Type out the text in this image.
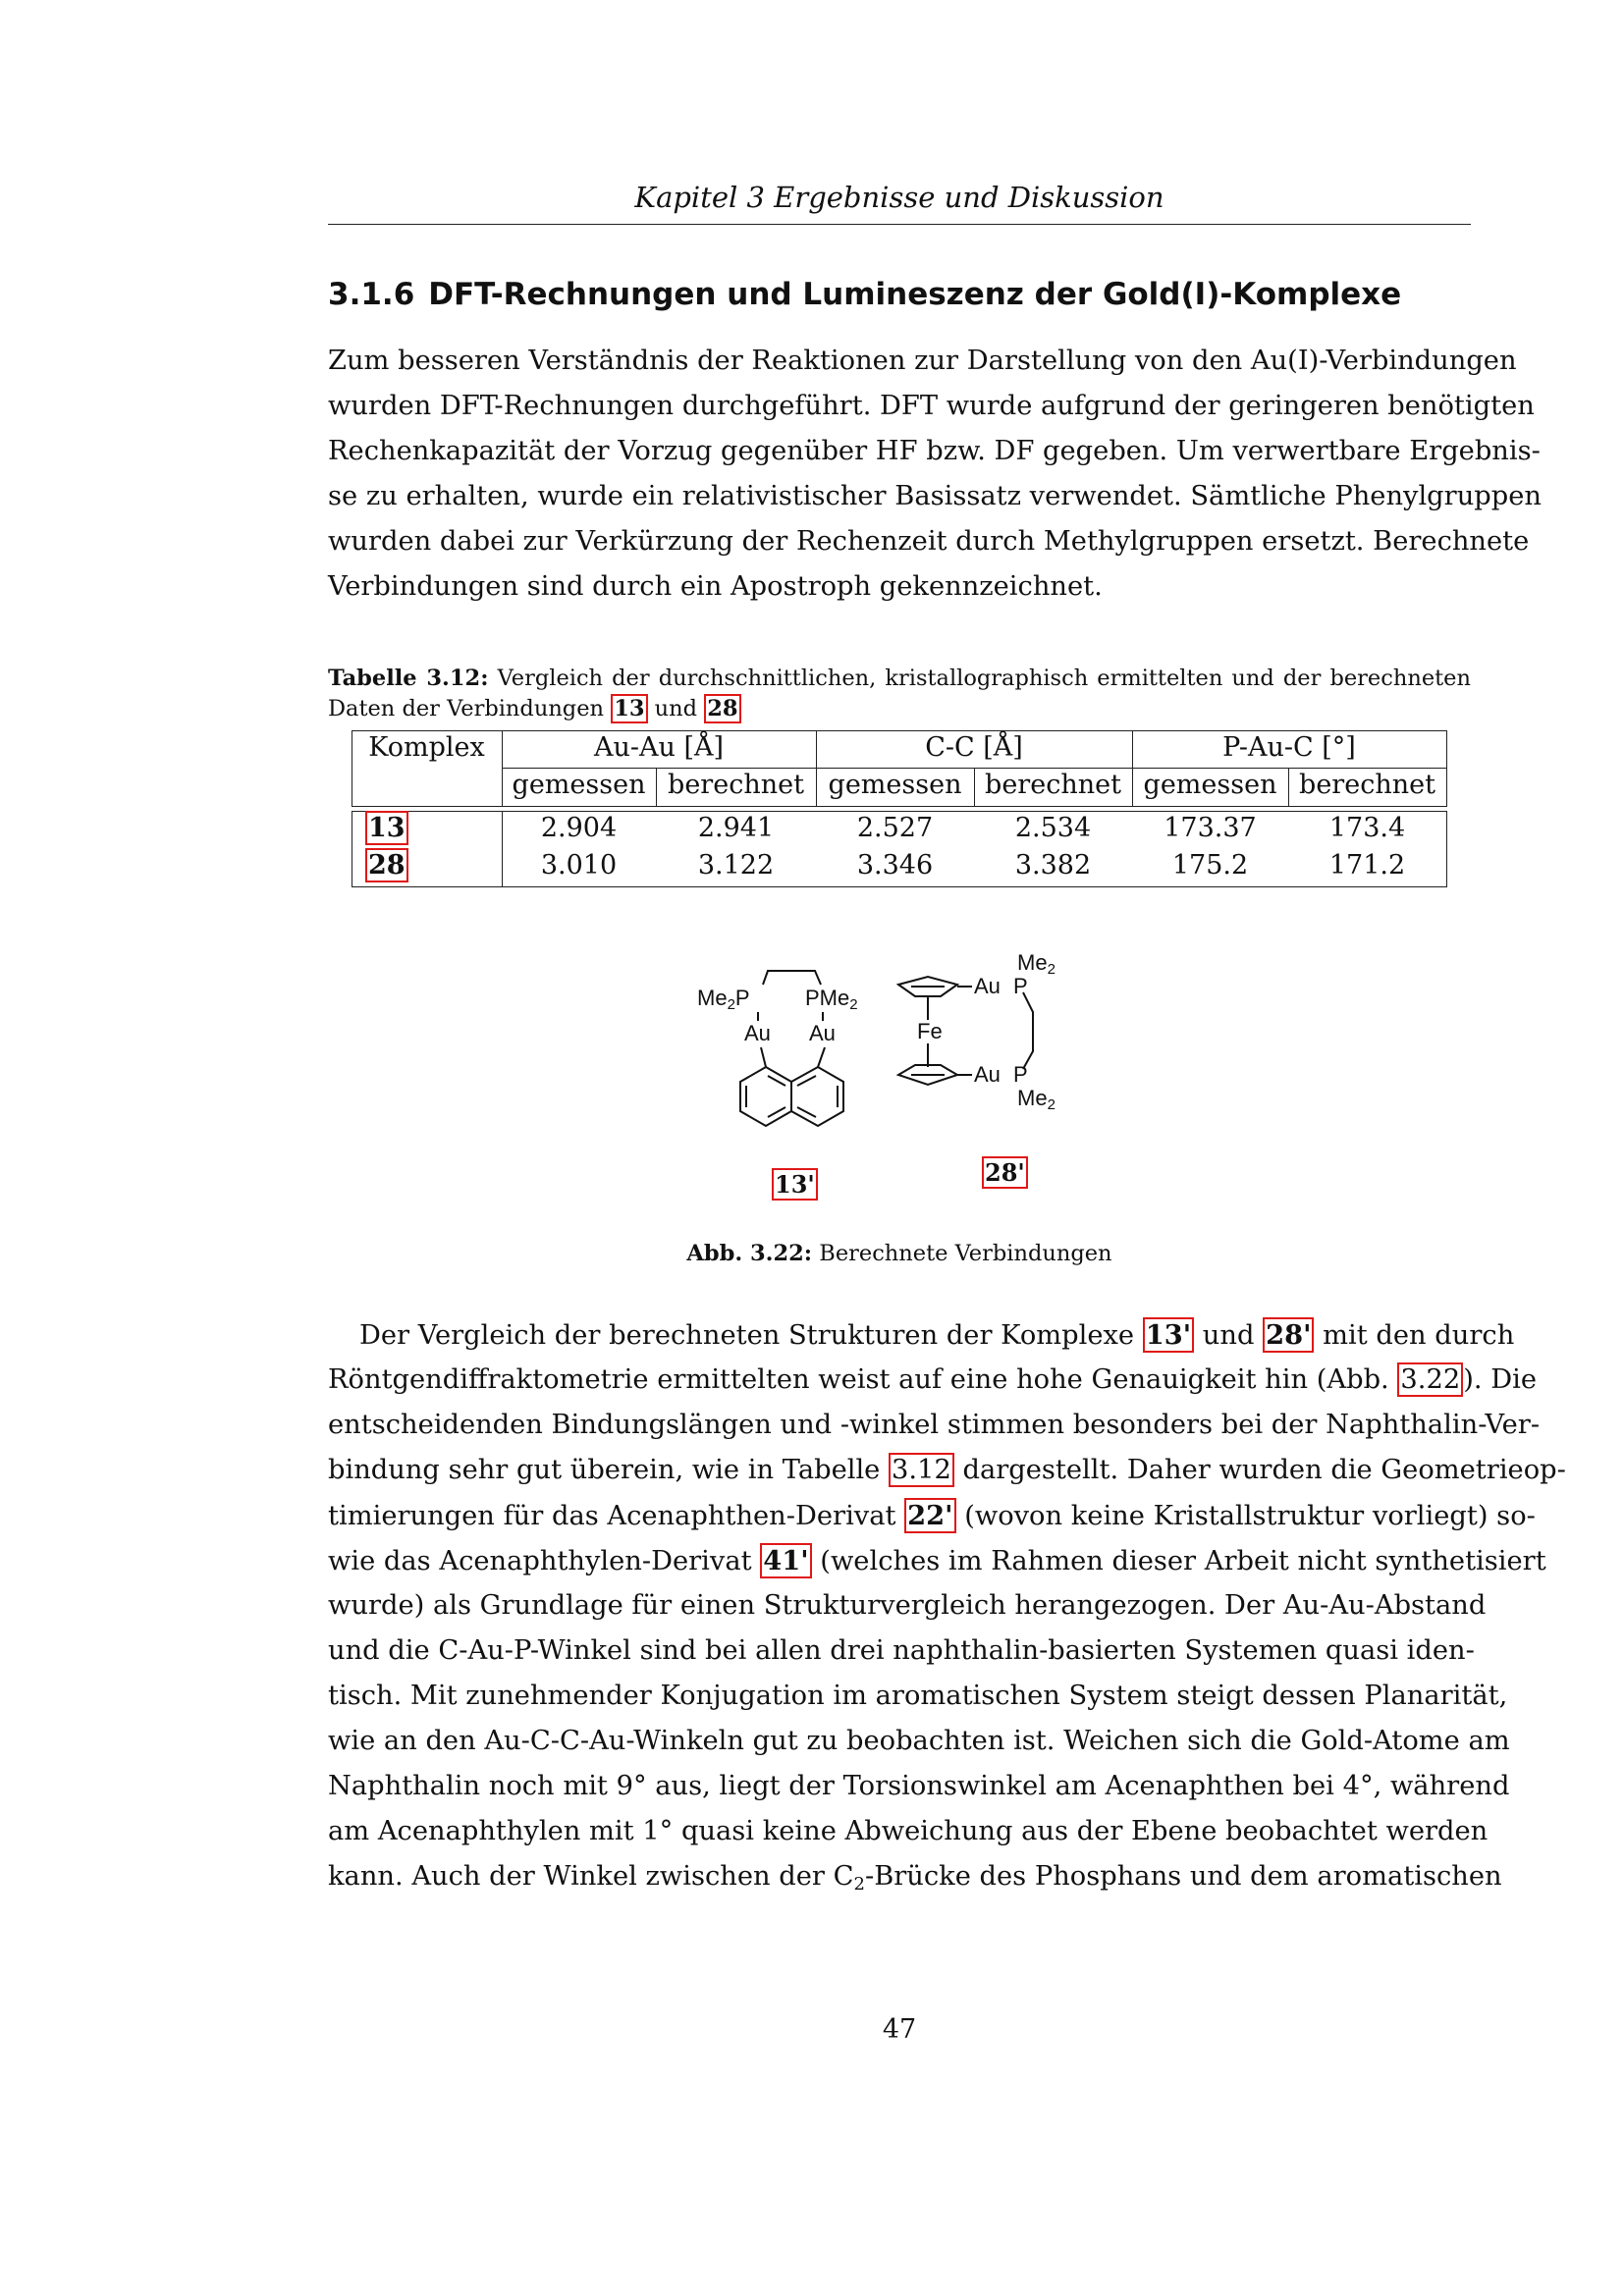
Kapitel 3 Ergebnisse und Diskussion
3.1.6 DFT-Rechnungen und Lumineszenz der Gold(I)-Komplexe
Zum besseren Verständnis der Reaktionen zur Darstellung von den Au(I)-Verbindungen
wurden DFT-Rechnungen durchgeführt. DFT wurde aufgrund der geringeren benötigten
Rechenkapazität der Vorzug gegenüber HF bzw. DF gegeben. Um verwertbare Ergebnis-
se zu erhalten, wurde ein relativistischer Basissatz verwendet. Sämtliche Phenylgruppen
wurden dabei zur Verkürzung der Rechenzeit durch Methylgruppen ersetzt. Berechnete
Verbindungen sind durch ein Apostroph gekennzeichnet.
Tabelle 3.12: Vergleich der durchschnittlichen, kristallographisch ermittelten und der berechneten
Daten der Verbindungen 13 und 28
Komplex	Au-Au [Å]	C-C [Å]	P-Au-C [°]
gemessen berechnet gemessen berechnet gemessen berechnet
13	2.904	2.941	2.527	2.534	173.37	173.4
28	3.010	3.122	3.346	3.382	175.2	171.2
$Me_2P$	PMe$_2$
Au Au	Fe
Au
Au
P
P
$Me_2$
$Me_2$
13'	28'
Abb. 3.22: Berechnete Verbindungen
Der Vergleich der berechneten Strukturen der Komplexe 13' und 28' mit den durch
Röntgendiffraktometrie ermittelten weist auf eine hohe Genauigkeit hin (Abb. 3.22 ). Die
entscheidenden Bindungslängen und -winkel stimmen besonders bei der Naphthalin-Ver-
bindung sehr gut überein, wie in Tabelle 3.12 dargestellt. Daher wurden die Geometrieop-
timierungen für das Acenaphthen-Derivat 22' (wovon keine Kristallstruktur vorliegt) so-
wie das Acenaphthylen-Derivat 41' (welches im Rahmen dieser Arbeit nicht synthetisiert
wurde) als Grundlage für einen Strukturvergleich herangezogen. Der Au-Au-Abstand
und die C-Au-P-Winkel sind bei allen drei naphthalin-basierten Systemen quasi iden-
tisch. Mit zunehmender Konjugation im aromatischen System steigt dessen Planarität,
wie an den Au-C-C-Au-Winkeln gut zu beobachten ist. Weichen sich die Gold-Atome am
Naphthalin noch mit 9° aus, liegt der Torsionswinkel am Acenaphthen bei 4°, während
am Acenaphthylen mit 1° quasi keine Abweichung aus der Ebene beobachtet werden
kann. Auch der Winkel zwischen der $C_2$-Brücke des Phosphans und dem aromatischen
47
